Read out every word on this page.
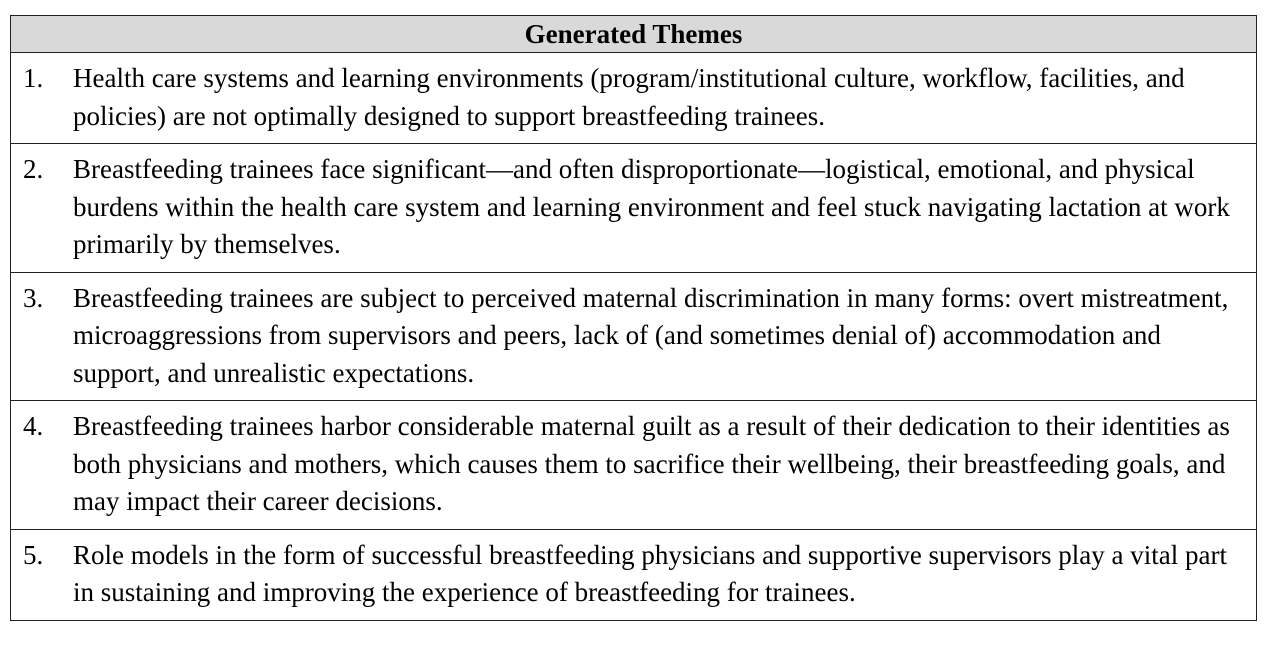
Generated Themes

1.	Health care systems and learning environments (program/institutional culture, workflow, facilities, and policies) are not optimally designed to support breastfeeding trainees.

2.	Breastfeeding trainees face significant—and often disproportionate—logistical, emotional, and physical burdens within the health care system and learning environment and feel stuck navigating lactation at work primarily by themselves.

3.	Breastfeeding trainees are subject to perceived maternal discrimination in many forms: overt mistreatment, microaggressions from supervisors and peers, lack of (and sometimes denial of) accommodation and support, and unrealistic expectations.

4.	Breastfeeding trainees harbor considerable maternal guilt as a result of their dedication to their identities as both physicians and mothers, which causes them to sacrifice their wellbeing, their breastfeeding goals, and may impact their career decisions.

5.	Role models in the form of successful breastfeeding physicians and supportive supervisors play a vital part in sustaining and improving the experience of breastfeeding for trainees.
